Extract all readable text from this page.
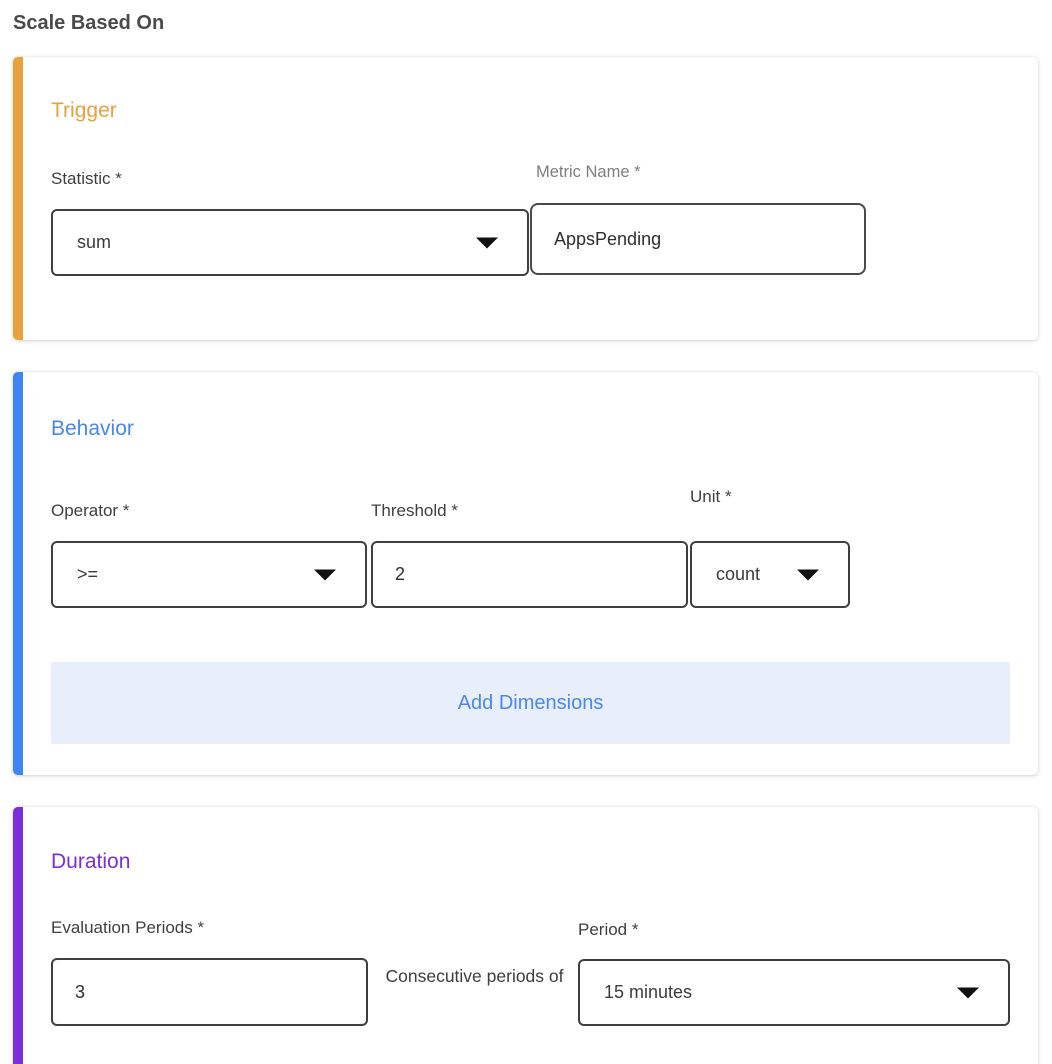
Scale Based On
Trigger
Statistic *
sum
Metric Name *
AppsPending
Behavior
Operator *
>=
Threshold *
2
Unit *
count
Add Dimensions
Duration
Evaluation Periods *
3
Consecutive periods of
Period *
15 minutes
